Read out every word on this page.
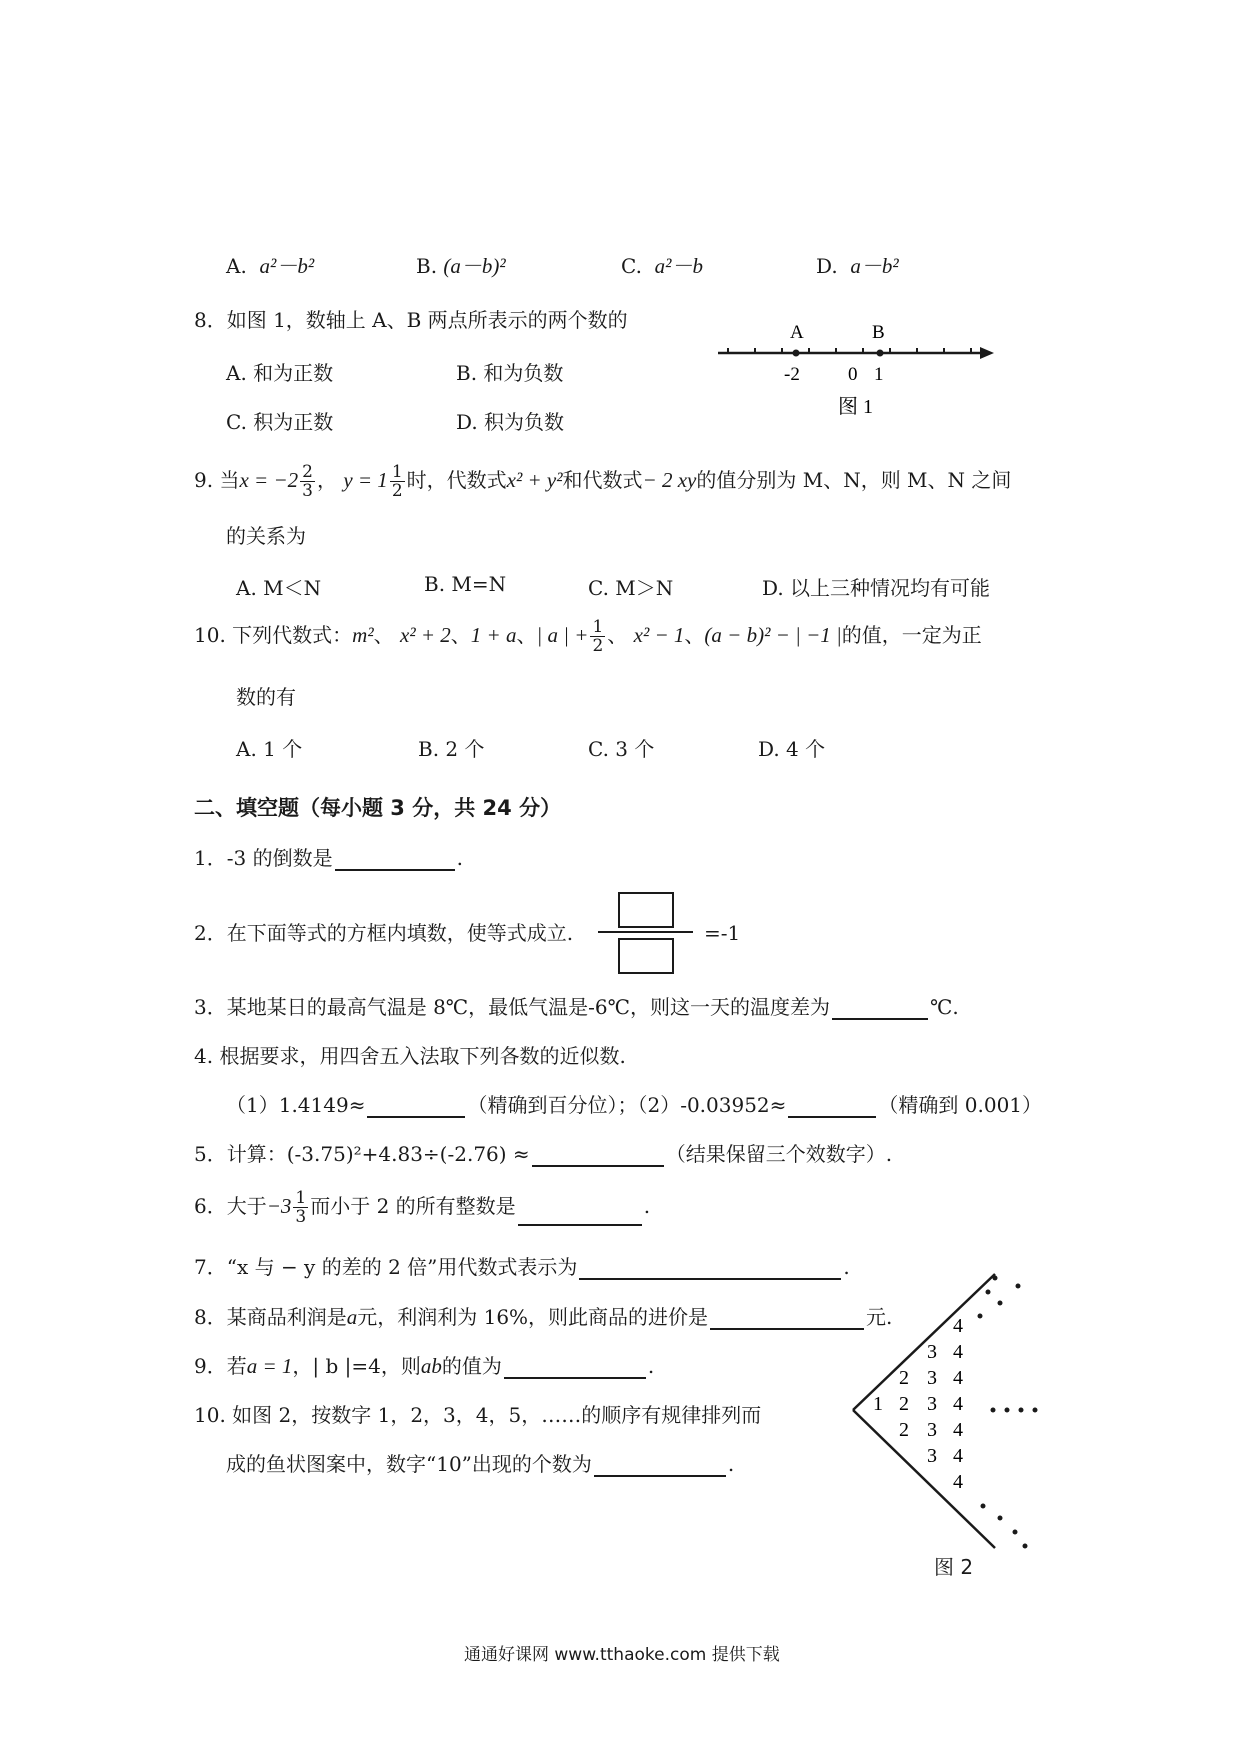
A. a²－b²	B. (a－b)²	C. a²－b	D. a－b²
8．如图 1，数轴上 A、B 两点所表示的两个数的
A. 和为正数	B. 和为负数
C. 积为正数	D. 积为负数
A	B
-2	0 1
图 1
9. 当$x = -2 \frac{2}{3}$ ， $y = 1 \frac{1}{2}$ 时，代数式x² + y²和代数式− 2 xy的值分别为 M、N，则 M、N 之间
的关系为
A. M＜N	B. M=N	C. M＞N	D. 以上三种情况均有可能
10. 下列代数式：m²、 x² + 2、1 + a、| a | + $\frac{1}{2}$ 、 x² − 1、(a − b)² − | −1 |的值，一定为正
数的有
A. 1 个	B. 2 个	C. 3 个	D. 4 个
二、填空题（每小题 3 分，共 24 分）
1．-3 的倒数是	.
2．在下面等式的方框内填数，使等式成立.	=-1
3．某地某日的最高气温是 8℃，最低气温是-6℃，则这一天的温度差为	℃.
4. 根据要求，用四舍五入法取下列各数的近似数.
（1）1.4149≈	（精确到百分位）；（2）-0.03952≈	（精确到 0.001）
5．计算：(-3.75)²+4.83÷(-2.76) ≈	（结果保留三个效数字）.
6．大于$-3 \frac{1}{3}$ 而小于 2 的所有整数是	.
7．“x 与 − y 的差的 2 倍”用代数式表示为	.
8．某商品利润是a元，利润利为 16%，则此商品的进价是	元.
9．若a = 1，| b |=4，则ab的值为	.
10. 如图 2，按数字 1，2，3，4，5，……的顺序有规律排列而
成的鱼状图案中，数字“10”出现的个数为	.
4
3 4
2 3 4
1 2 3 4
2 3 4
3 4
4
图 2
通通好课网 www.tthaoke.com 提供下载
